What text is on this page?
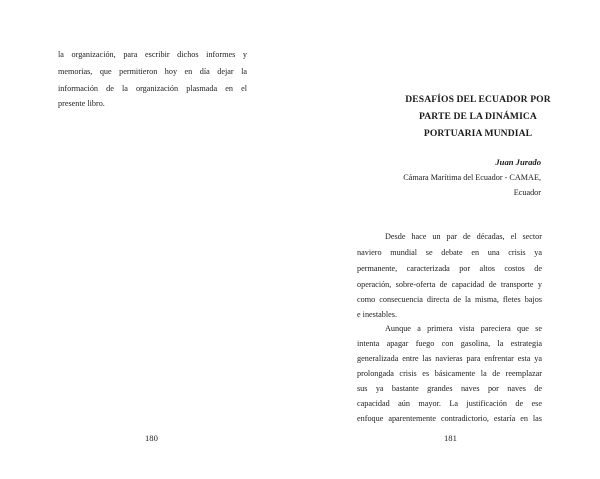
la organización, para escribir dichos informes y
memorias, que permitieron hoy en día dejar la
información de la organización plasmada en el
presente libro.
180
DESAFÍOS DEL ECUADOR POR
PARTE DE LA DINÁMICA
PORTUARIA MUNDIAL
Juan Jurado
Cámara Marítima del Ecuador - CAMAE,
Ecuador
Desde hace un par de décadas, el sector
naviero mundial se debate en una crisis ya
permanente, caracterizada por altos costos de
operación, sobre-oferta de capacidad de transporte y
como consecuencia directa de la misma, fletes bajos
e inestables.
Aunque a primera vista pareciera que se
intenta apagar fuego con gasolina, la estrategia
generalizada entre las navieras para enfrentar esta ya
prolongada crisis es básicamente la de reemplazar
sus ya bastante grandes naves por naves de
capacidad aún mayor. La justificación de ese
enfoque aparentemente contradictorio, estaría en las
181
